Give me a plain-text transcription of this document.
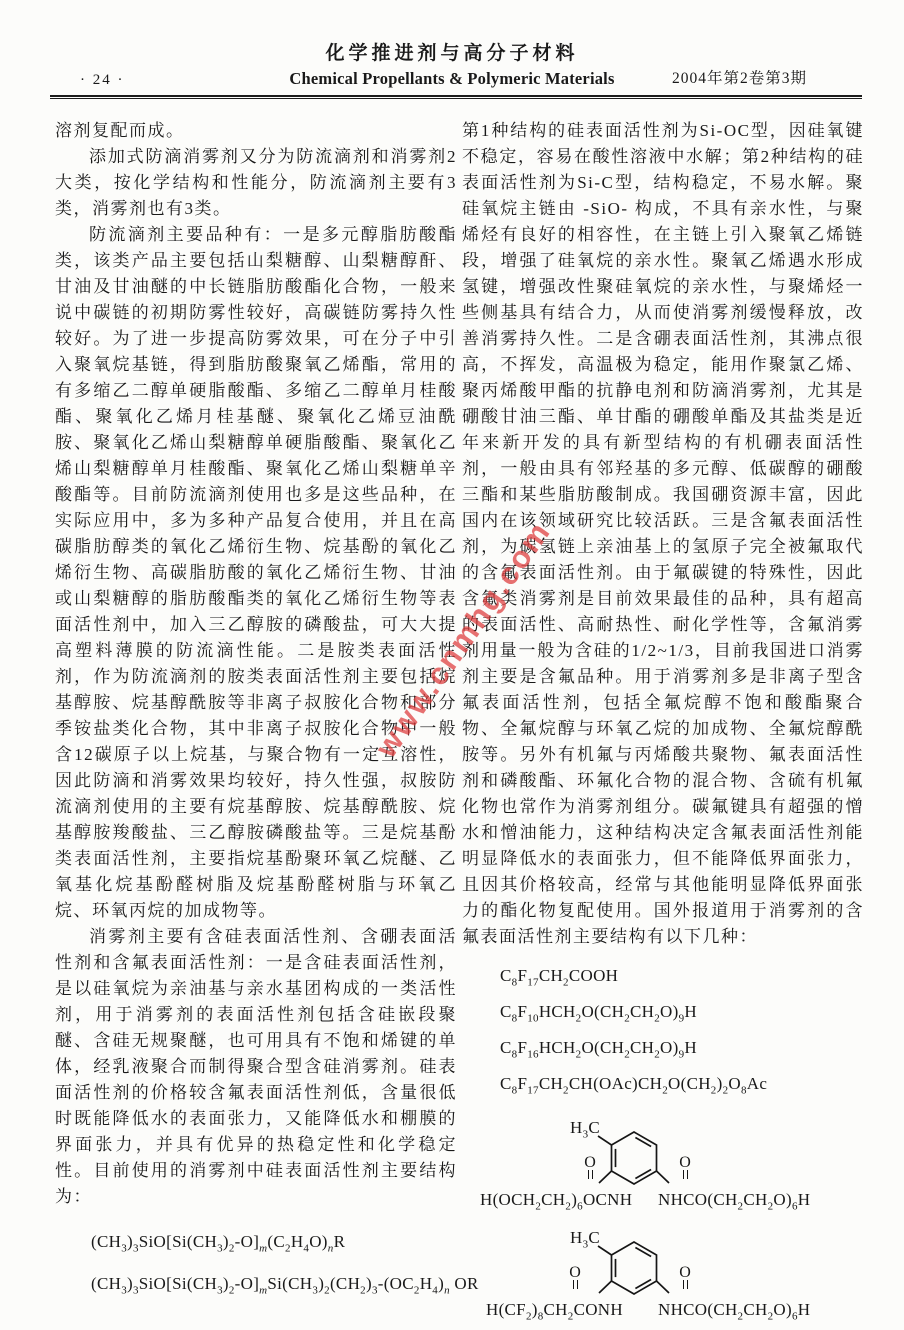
化学推进剂与高分子材料
Chemical Propellants & Polymeric Materials
· 24 ·	2004年第2卷第3期
www.cnmhg.com

溶剂复配而成。

添加式防滴消雾剂又分为防流滴剂和消雾剂2大类，按化学结构和性能分，防流滴剂主要有3类，消雾剂也有3类。

防流滴剂主要品种有：一是多元醇脂肪酸酯类，该类产品主要包括山梨糖醇、山梨糖醇酐、甘油及甘油醚的中长链脂肪酸酯化合物，一般来说中碳链的初期防雾性较好，高碳链防雾持久性较好。为了进一步提高防雾效果，可在分子中引入聚氧烷基链，得到脂肪酸聚氧乙烯酯，常用的有多缩乙二醇单硬脂酸酯、多缩乙二醇单月桂酸酯、聚氧化乙烯月桂基醚、聚氧化乙烯豆油酰胺、聚氧化乙烯山梨糖醇单硬脂酸酯、聚氧化乙烯山梨糖醇单月桂酸酯、聚氧化乙烯山梨糖单辛酸酯等。目前防流滴剂使用也多是这些品种，在实际应用中，多为多种产品复合使用，并且在高碳脂肪醇类的氧化乙烯衍生物、烷基酚的氧化乙烯衍生物、高碳脂肪酸的氧化乙烯衍生物、甘油或山梨糖醇的脂肪酸酯类的氧化乙烯衍生物等表面活性剂中，加入三乙醇胺的磷酸盐，可大大提高塑料薄膜的防流滴性能。二是胺类表面活性剂，作为防流滴剂的胺类表面活性剂主要包括烷基醇胺、烷基醇酰胺等非离子叔胺化合物和部分季铵盐类化合物，其中非离子叔胺化合物中一般含12碳原子以上烷基，与聚合物有一定互溶性，因此防滴和消雾效果均较好，持久性强，叔胺防流滴剂使用的主要有烷基醇胺、烷基醇酰胺、烷基醇胺羧酸盐、三乙醇胺磷酸盐等。三是烷基酚类表面活性剂，主要指烷基酚聚环氧乙烷醚、乙氧基化烷基酚醛树脂及烷基酚醛树脂与环氧乙烷、环氧丙烷的加成物等。

消雾剂主要有含硅表面活性剂、含硼表面活性剂和含氟表面活性剂：一是含硅表面活性剂，是以硅氧烷为亲油基与亲水基团构成的一类活性剂，用于消雾剂的表面活性剂包括含硅嵌段聚醚、含硅无规聚醚，也可用具有不饱和烯键的单体，经乳液聚合而制得聚合型含硅消雾剂。硅表面活性剂的价格较含氟表面活性剂低，含量很低时既能降低水的表面张力，又能降低水和棚膜的界面张力，并具有优异的热稳定性和化学稳定性。目前使用的消雾剂中硅表面活性剂主要结构为：

$(CH_3)_3SiO[Si(CH_3)_2-O]_m(C_2H_4O)_nR$
$(CH_3)_3SiO[Si(CH_3)_2-O]_mSi(CH_3)_2(CH_2)_3-(OC_2H_4)_n$ OR

第1种结构的硅表面活性剂为Si-OC型，因硅氧键不稳定，容易在酸性溶液中水解；第2种结构的硅表面活性剂为Si-C型，结构稳定，不易水解。聚硅氧烷主链由 -SiO- 构成，不具有亲水性，与聚烯烃有良好的相容性，在主链上引入聚氧乙烯链段，增强了硅氧烷的亲水性。聚氧乙烯遇水形成氢键，增强改性聚硅氧烷的亲水性，与聚烯烃一些侧基具有结合力，从而使消雾剂缓慢释放，改善消雾持久性。二是含硼表面活性剂，其沸点很高，不挥发，高温极为稳定，能用作聚氯乙烯、聚丙烯酸甲酯的抗静电剂和防滴消雾剂，尤其是硼酸甘油三酯、单甘酯的硼酸单酯及其盐类是近年来新开发的具有新型结构的有机硼表面活性剂，一般由具有邻羟基的多元醇、低碳醇的硼酸三酯和某些脂肪酸制成。我国硼资源丰富，因此国内在该领域研究比较活跃。三是含氟表面活性剂，为碳氢链上亲油基上的氢原子完全被氟取代的含氟表面活性剂。由于氟碳键的特殊性，因此含氟类消雾剂是目前效果最佳的品种，具有超高的表面活性、高耐热性、耐化学性等，含氟消雾剂用量一般为含硅的1/2~1/3，目前我国进口消雾剂主要是含氟品种。用于消雾剂多是非离子型含氟表面活性剂，包括全氟烷醇不饱和酸酯聚合物、全氟烷醇与环氧乙烷的加成物、全氟烷醇酰胺等。另外有机氟与丙烯酸共聚物、氟表面活性剂和磷酸酯、环氟化合物的混合物、含硫有机氟化物也常作为消雾剂组分。碳氟键具有超强的憎水和憎油能力，这种结构决定含氟表面活性剂能明显降低水的表面张力，但不能降低界面张力，且因其价格较高，经常与其他能明显降低界面张力的酯化物复配使用。国外报道用于消雾剂的含氟表面活性剂主要结构有以下几种：

$C_8F_{17}CH_2COOH$
$C_8F_{10}HCH_2O(CH_2CH_2O)_9H$
$C_8F_{16}HCH_2O(CH_2CH_2O)_9H$
$C_8F_{17}CH_2CH(OAc)CH_2O(CH_2)_2O_8Ac$
$H_3C$
O	O
$H(OCH_2CH_2)_6OCNH$ $NHCO(CH_2CH_2O)_6H$
$H_3C$
O	O
$H(CF_2)_8CH_2CONH$ $NHCO(CH_2CH_2O)_6H$
